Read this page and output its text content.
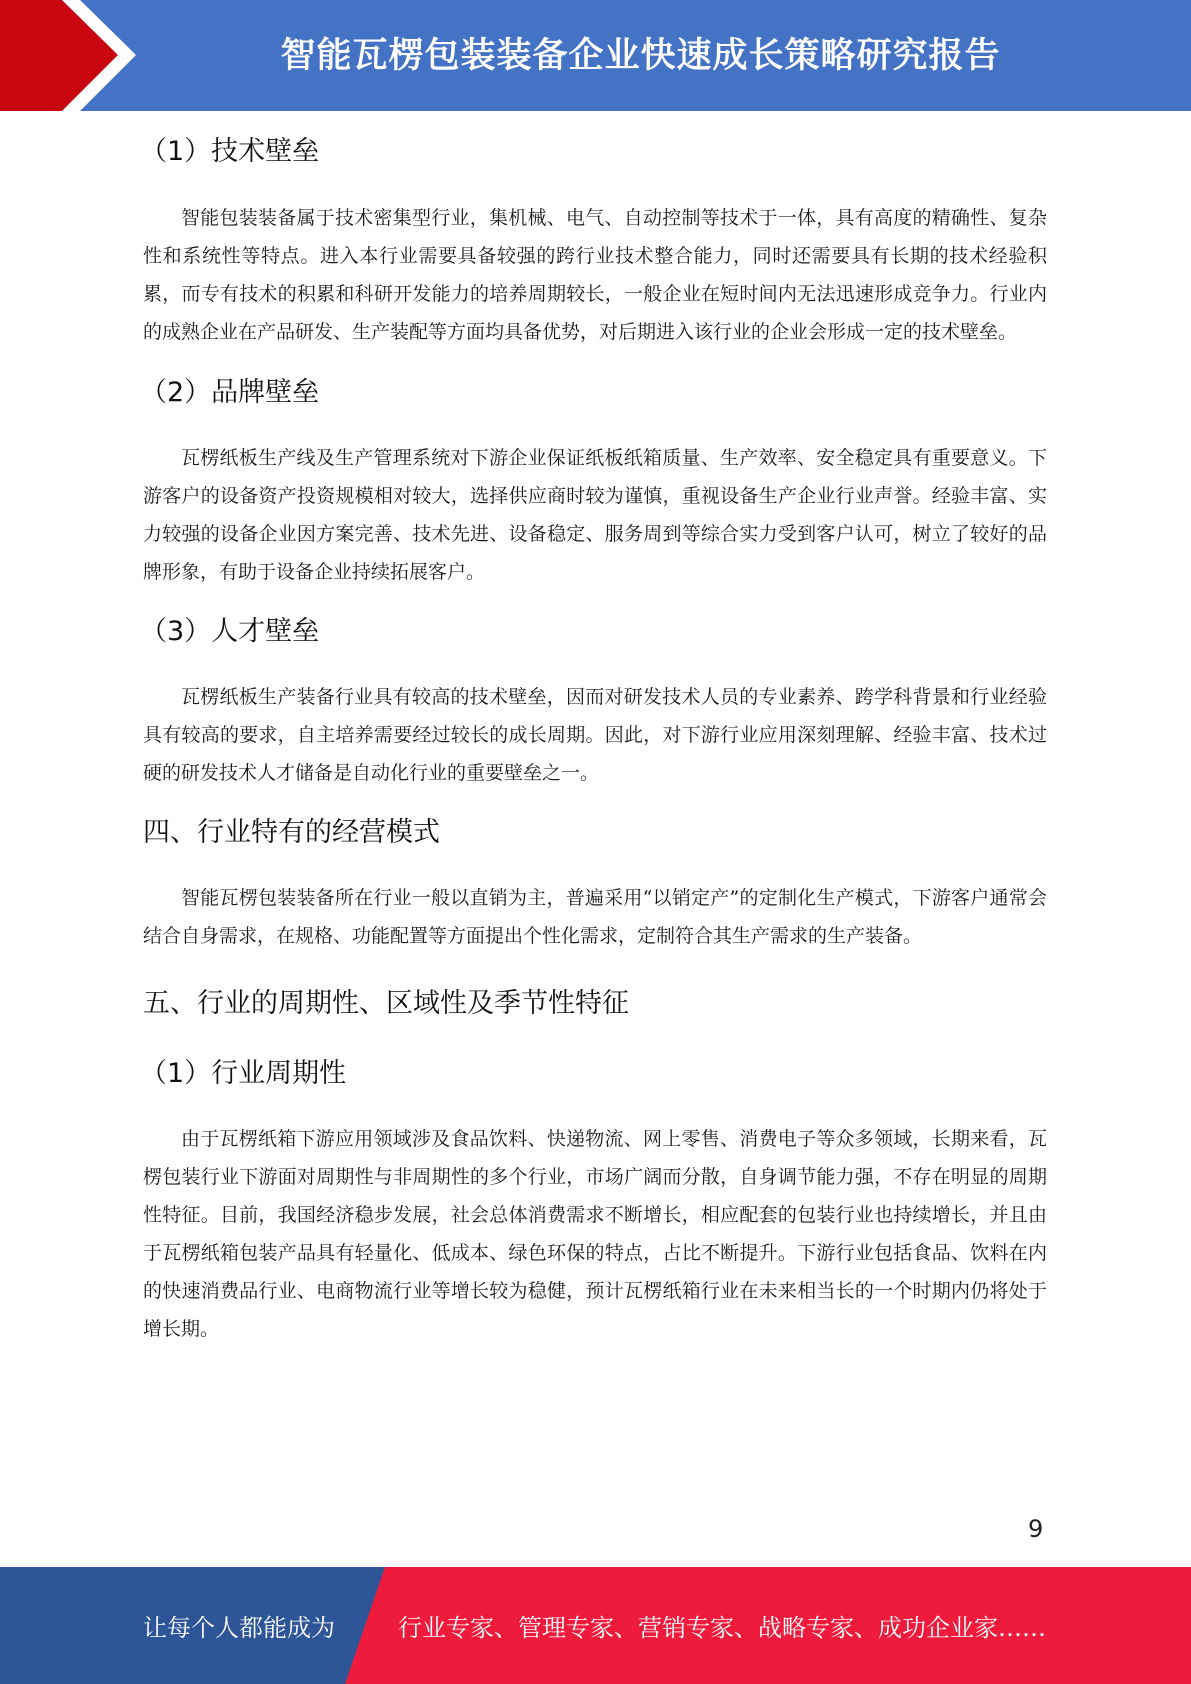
智能瓦楞包装装备企业快速成长策略研究报告
（1）技术壁垒

智能包装装备属于技术密集型行业，集机械、电气、自动控制等技术于一体，具有高度的精确性、复杂性和系统性等特点。进入本行业需要具备较强的跨行业技术整合能力，同时还需要具有长期的技术经验积累，而专有技术的积累和科研开发能力的培养周期较长，一般企业在短时间内无法迅速形成竞争力。行业内的成熟企业在产品研发、生产装配等方面均具备优势，对后期进入该行业的企业会形成一定的技术壁垒。

（2）品牌壁垒

瓦楞纸板生产线及生产管理系统对下游企业保证纸板纸箱质量、生产效率、安全稳定具有重要意义。下游客户的设备资产投资规模相对较大，选择供应商时较为谨慎，重视设备生产企业行业声誉。经验丰富、实力较强的设备企业因方案完善、技术先进、设备稳定、服务周到等综合实力受到客户认可，树立了较好的品牌形象，有助于设备企业持续拓展客户。

（3）人才壁垒

瓦楞纸板生产装备行业具有较高的技术壁垒，因而对研发技术人员的专业素养、跨学科背景和行业经验具有较高的要求，自主培养需要经过较长的成长周期。因此，对下游行业应用深刻理解、经验丰富、技术过硬的研发技术人才储备是自动化行业的重要壁垒之一。

四、行业特有的经营模式

智能瓦楞包装装备所在行业一般以直销为主，普遍采用“以销定产”的定制化生产模式，下游客户通常会结合自身需求，在规格、功能配置等方面提出个性化需求，定制符合其生产需求的生产装备。

五、行业的周期性、区域性及季节性特征
（1）行业周期性

由于瓦楞纸箱下游应用领域涉及食品饮料、快递物流、网上零售、消费电子等众多领域，长期来看，瓦楞包装行业下游面对周期性与非周期性的多个行业，市场广阔而分散，自身调节能力强，不存在明显的周期性特征。目前，我国经济稳步发展，社会总体消费需求不断增长，相应配套的包装行业也持续增长，并且由于瓦楞纸箱包装产品具有轻量化、低成本、绿色环保的特点，占比不断提升。下游行业包括食品、饮料在内的快速消费品行业、电商物流行业等增长较为稳健，预计瓦楞纸箱行业在未来相当长的一个时期内仍将处于增长期。

9
让每个人都能成为	行业专家、管理专家、营销专家、战略专家、成功企业家……
